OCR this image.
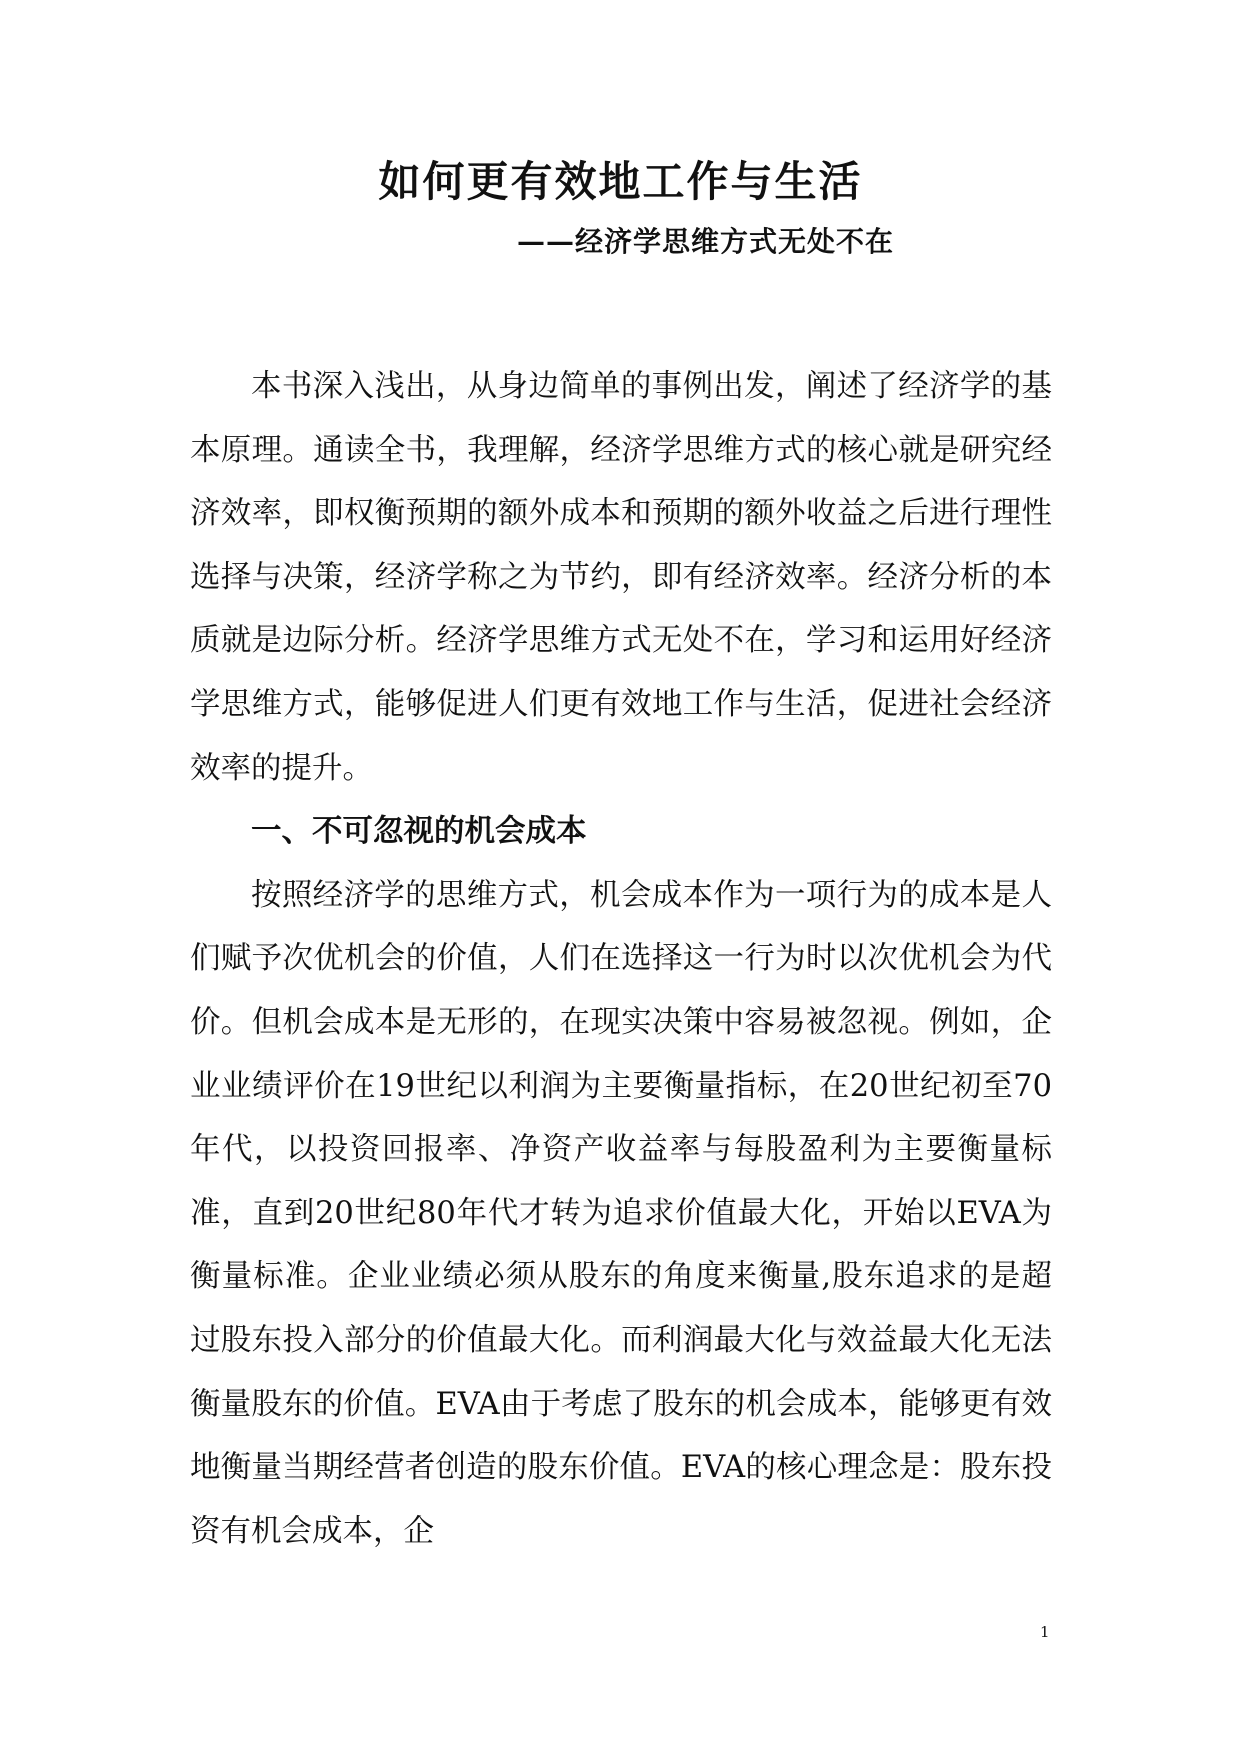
如何更有效地工作与生活
——经济学思维方式无处不在

本书深入浅出，从身边简单的事例出发，阐述了经济学的基本原理。通读全书，我理解，经济学思维方式的核心就是研究经济效率，即权衡预期的额外成本和预期的额外收益之后进行理性选择与决策，经济学称之为节约，即有经济效率。经济分析的本质就是边际分析。经济学思维方式无处不在，学习和运用好经济学思维方式，能够促进人们更有效地工作与生活，促进社会经济效率的提升。

一、不可忽视的机会成本

按照经济学的思维方式，机会成本作为一项行为的成本是人们赋予次优机会的价值，人们在选择这一行为时以次优机会为代价。但机会成本是无形的，在现实决策中容易被忽视。例如，企业业绩评价在19世纪以利润为主要衡量指标，在20世纪初至70年代，以投资回报率、净资产收益率与每股盈利为主要衡量标准，直到20世纪80年代才转为追求价值最大化，开始以EVA为衡量标准。企业业绩必须从股东的角度来衡量,股东追求的是超过股东投入部分的价值最大化。而利润最大化与效益最大化无法衡量股东的价值。EVA由于考虑了股东的机会成本，能够更有效地衡量当期经营者创造的股东价值。EVA的核心理念是：股东投资有机会成本，企

1
